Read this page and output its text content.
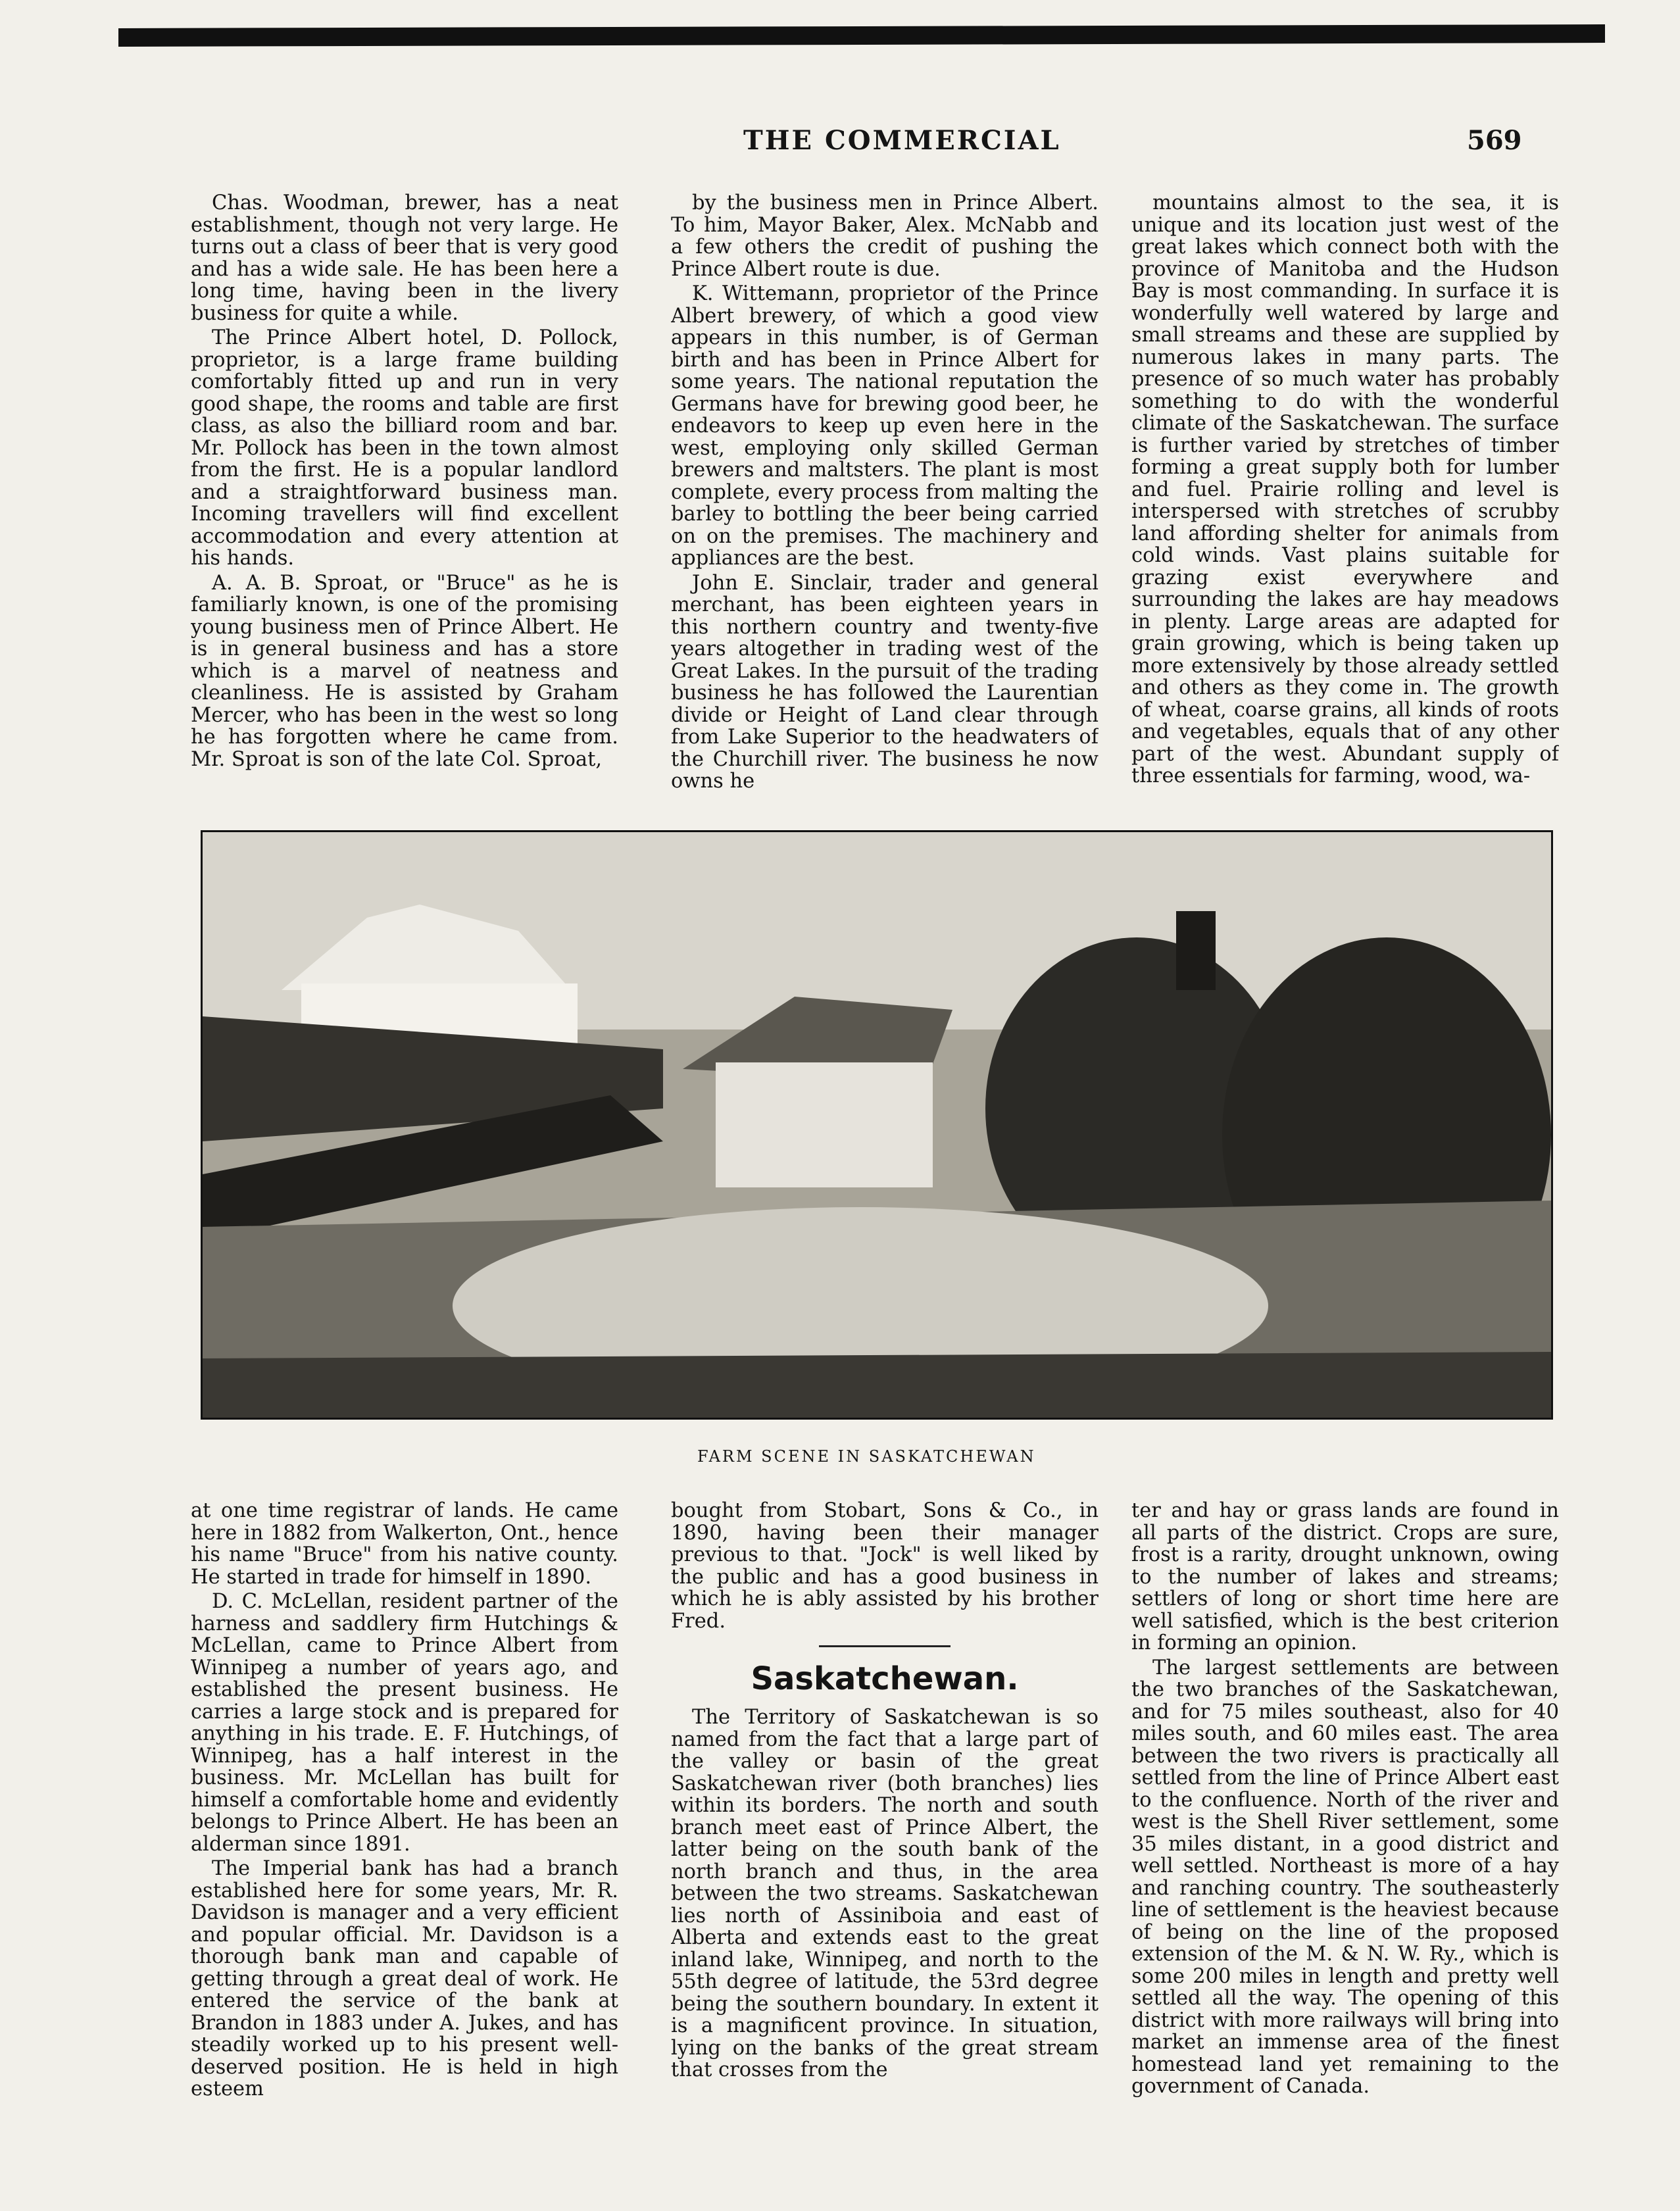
THE COMMERCIAL	569

Chas. Woodman, brewer, has a neat establishment, though not very large. He turns out a class of beer that is very good and has a wide sale. He has been here a long time, having been in the livery business for quite a while.

The Prince Albert hotel, D. Pollock, proprietor, is a large frame building comfortably fitted up and run in very good shape, the rooms and table are first class, as also the billiard room and bar. Mr. Pollock has been in the town almost from the first. He is a popular landlord and a straightforward business man. Incoming travellers will find excellent accommodation and every attention at his hands.

A. A. B. Sproat, or "Bruce" as he is familiarly known, is one of the promising young business men of Prince Albert. He is in general business and has a store which is a marvel of neatness and cleanliness. He is assisted by Graham Mercer, who has been in the west so long he has forgotten where he came from. Mr. Sproat is son of the late Col. Sproat,

by the business men in Prince Albert. To him, Mayor Baker, Alex. McNabb and a few others the credit of pushing the Prince Albert route is due.

K. Wittemann, proprietor of the Prince Albert brewery, of which a good view appears in this number, is of German birth and has been in Prince Albert for some years. The national reputation the Germans have for brewing good beer, he endeavors to keep up even here in the west, employing only skilled German brewers and maltsters. The plant is most complete, every process from malting the barley to bottling the beer being carried on on the premises. The machinery and appliances are the best.

John E. Sinclair, trader and general merchant, has been eighteen years in this northern country and twenty-five years altogether in trading west of the Great Lakes. In the pursuit of the trading business he has followed the Laurentian divide or Height of Land clear through from Lake Superior to the headwaters of the Churchill river. The business he now owns he

mountains almost to the sea, it is unique and its location just west of the great lakes which connect both with the province of Manitoba and the Hudson Bay is most commanding. In surface it is wonderfully well watered by large and small streams and these are supplied by numerous lakes in many parts. The presence of so much water has probably something to do with the wonderful climate of the Saskatchewan. The surface is further varied by stretches of timber forming a great supply both for lumber and fuel. Prairie rolling and level is interspersed with stretches of scrubby land affording shelter for animals from cold winds. Vast plains suitable for grazing exist everywhere and surrounding the lakes are hay meadows in plenty. Large areas are adapted for grain growing, which is being taken up more extensively by those already settled and others as they come in. The growth of wheat, coarse grains, all kinds of roots and vegetables, equals that of any other part of the west. Abundant supply of three essentials for farming, wood, wa-

FARM SCENE IN SASKATCHEWAN

at one time registrar of lands. He came here in 1882 from Walkerton, Ont., hence his name "Bruce" from his native county. He started in trade for himself in 1890.

D. C. McLellan, resident partner of the harness and saddlery firm Hutchings & McLellan, came to Prince Albert from Winnipeg a number of years ago, and established the present business. He carries a large stock and is prepared for anything in his trade. E. F. Hutchings, of Winnipeg, has a half interest in the business. Mr. McLellan has built for himself a comfortable home and evidently belongs to Prince Albert. He has been an alderman since 1891.

The Imperial bank has had a branch established here for some years, Mr. R. Davidson is manager and a very efficient and popular official. Mr. Davidson is a thorough bank man and capable of getting through a great deal of work. He entered the service of the bank at Brandon in 1883 under A. Jukes, and has steadily worked up to his present well-deserved position. He is held in high esteem

bought from Stobart, Sons & Co., in 1890, having been their manager previous to that. "Jock" is well liked by the public and has a good business in which he is ably assisted by his brother Fred.

Saskatchewan.

The Territory of Saskatchewan is so named from the fact that a large part of the valley or basin of the great Saskatchewan river (both branches) lies within its borders. The north and south branch meet east of Prince Albert, the latter being on the south bank of the north branch and thus, in the area between the two streams. Saskatchewan lies north of Assiniboia and east of Alberta and extends east to the great inland lake, Winnipeg, and north to the 55th degree of latitude, the 53rd degree being the southern boundary. In extent it is a magnificent province. In situation, lying on the banks of the great stream that crosses from the

ter and hay or grass lands are found in all parts of the district. Crops are sure, frost is a rarity, drought unknown, owing to the number of lakes and streams; settlers of long or short time here are well satisfied, which is the best criterion in forming an opinion.

The largest settlements are between the two branches of the Saskatchewan, and for 75 miles southeast, also for 40 miles south, and 60 miles east. The area between the two rivers is practically all settled from the line of Prince Albert east to the confluence. North of the river and west is the Shell River settlement, some 35 miles distant, in a good district and well settled. Northeast is more of a hay and ranching country. The southeasterly line of settlement is the heaviest because of being on the line of the proposed extension of the M. & N. W. Ry., which is some 200 miles in length and pretty well settled all the way. The opening of this district with more railways will bring into market an immense area of the finest homestead land yet remaining to the government of Canada.
